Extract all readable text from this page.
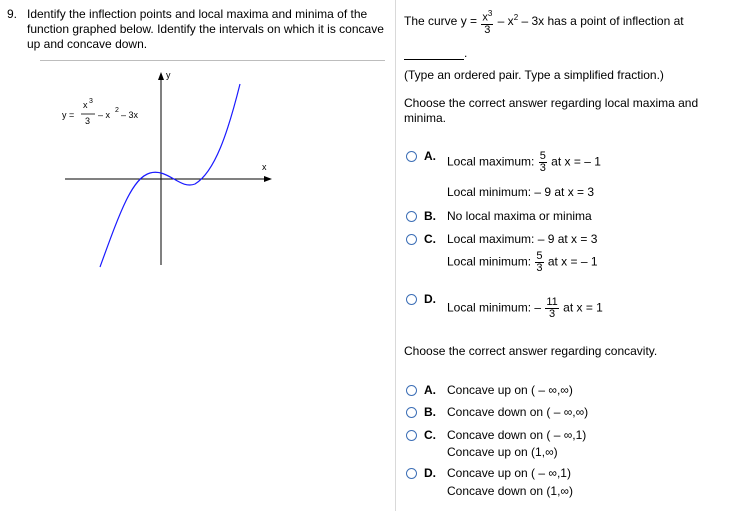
9. Identify the inflection points and local maxima and minima of the function graphed below. Identify the intervals on which it is concave up and concave down.
y
x
y =
x 3
3
– x 2 – 3x
The curve $y = \frac{x^3}{3} - x^2 - 3x$ has a point of inflection at
.
(Type an ordered pair. Type a simplified fraction.)
Choose the correct answer regarding local maxima and minima.
A. Local maximum: $\frac{5}{3}$ at x = – 1
Local minimum: – 9 at x = 3
B. No local maxima or minima
C. Local maximum: – 9 at x = 3
Local minimum: $\frac{5}{3}$ at x = – 1
D.
Local minimum: – $\frac{11}{3}$ at x = 1
Choose the correct answer regarding concavity.
A. Concave up on ( – ∞,∞)
B. Concave down on ( – ∞,∞)
C. Concave down on ( – ∞,1)
Concave up on (1,∞)
D. Concave up on ( – ∞,1)
Concave down on (1,∞)
